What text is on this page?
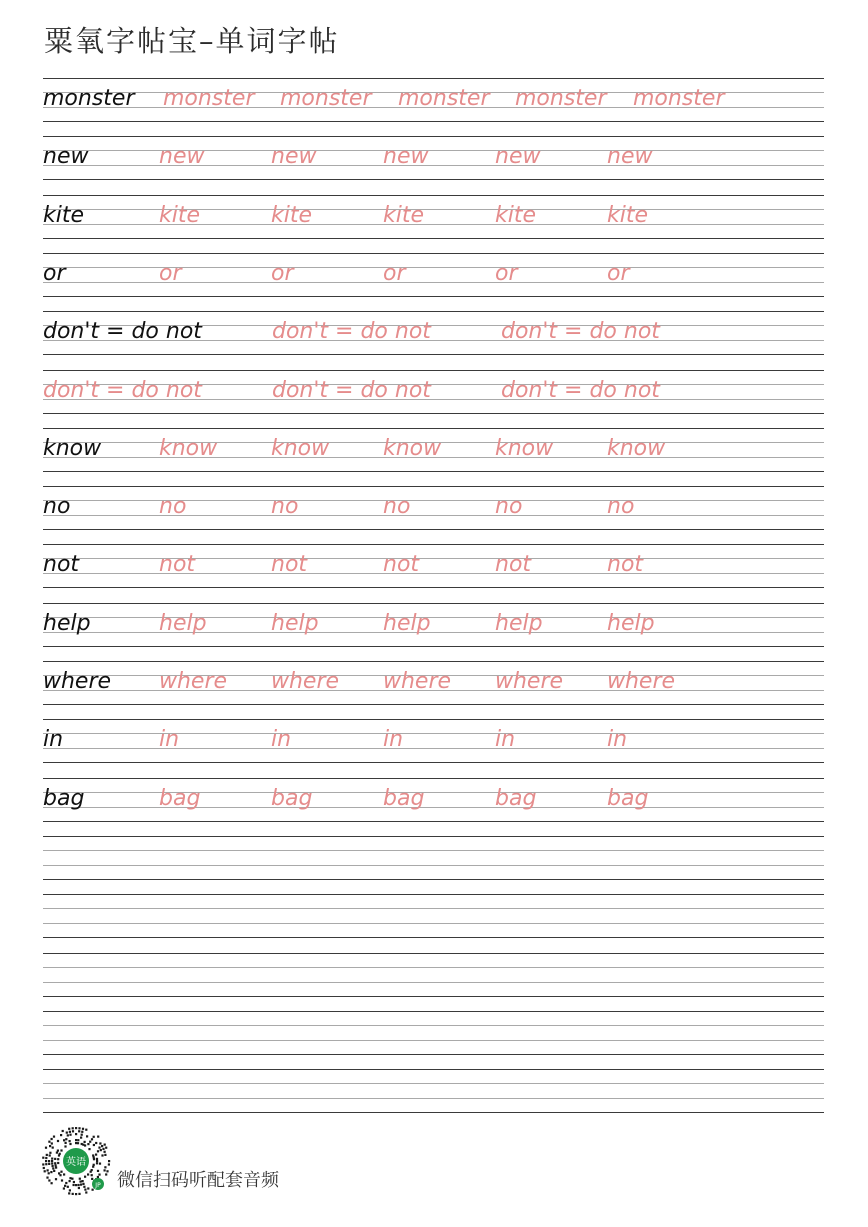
粟氧字帖宝–单词字帖
monster monster monster monster monster monster
new	new	new	new	new	new
kite	kite	kite	kite	kite	kite
or	or	or	or	or	or
don't = do not	don't = do not	don't = do not
don't = do not	don't = do not	don't = do not
know	know know know know know
no	no	no	no	no	no
not	not	not	not	not	not
help	help	help	help	help	help
where where where where where where
in	in	in	in	in	in
bag	bag	bag	bag	bag	bag
英语
JP 微信扫码听配套音频
